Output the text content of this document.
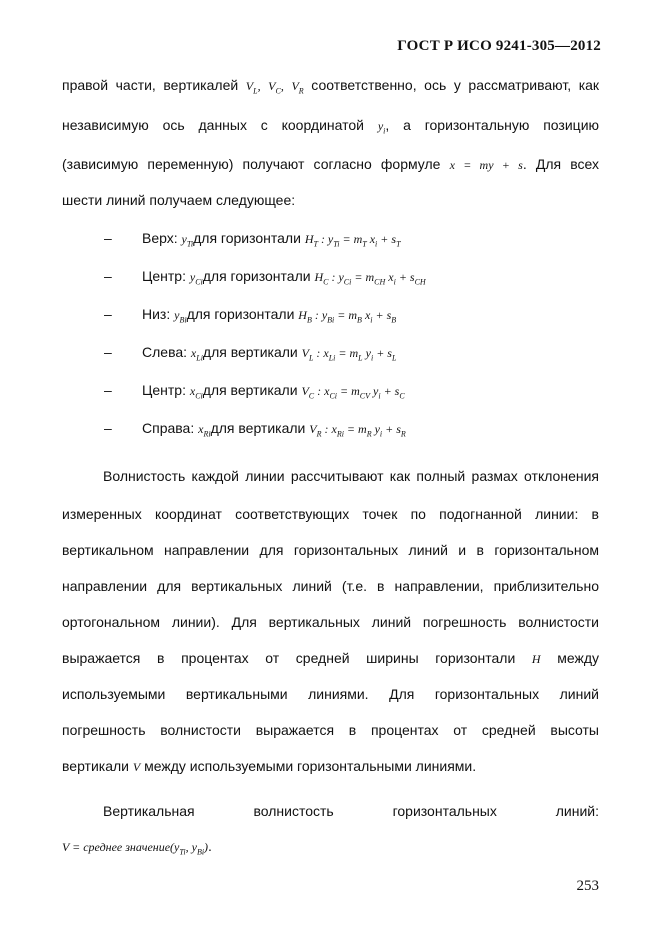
ГОСТ Р ИСО 9241-305—2012
правой части, вертикалей $V_L$, $V_C$, $V_R$ соответственно, ось у рассматривают, как
независимую ось данных с координатой $y_i$, а горизонтальную позицию
(зависимую переменную) получают согласно формуле x = my + s. Для всех
шести линий получаем следующее:
– Верх: $y_{Ti}для$ горизонтали $H_T$ : $y_{Ti} = m_T$ $x_i + s_T$
– Центр: $y_{Ci}для$ горизонтали $H_C$ : $y_{Ci} = m_{CH}$ $x_i + s_{CH}$
– Низ: $y_{Bi}для$ горизонтали $H_B$ : $y_{Bi} = m_B$ $x_i + s_B$
– Слева: $x_{Li}для$ вертикали $V_L$ : $x_{Li} = m_L$ $y_i + s_L$
– Центр: $x_{Ci}для$ вертикали $V_C$ : $x_{Ci} = m_{CV}$ $y_i + s_C$
– Справа: $x_{Ri}для$ вертикали $V_R$ : $x_{Ri} = m_R$ $y_i + s_R$
Волнистость каждой линии рассчитывают как полный размах отклонения
измеренных координат соответствующих точек по подогнанной линии: в
вертикальном направлении для горизонтальных линий и в горизонтальном
направлении для вертикальных линий (т.е. в направлении, приблизительно
ортогональном линии). Для вертикальных линий погрешность волнистости
выражается в процентах от средней ширины горизонтали H между
используемыми вертикальными линиями. Для горизонтальных линий
погрешность волнистости выражается в процентах от средней высоты
вертикали V между используемыми горизонтальными линиями.
Вертикальная волнистость горизонтальных линий:
V = среднее $значение(y_{Ti}$, $y_{Bi}$).
253
